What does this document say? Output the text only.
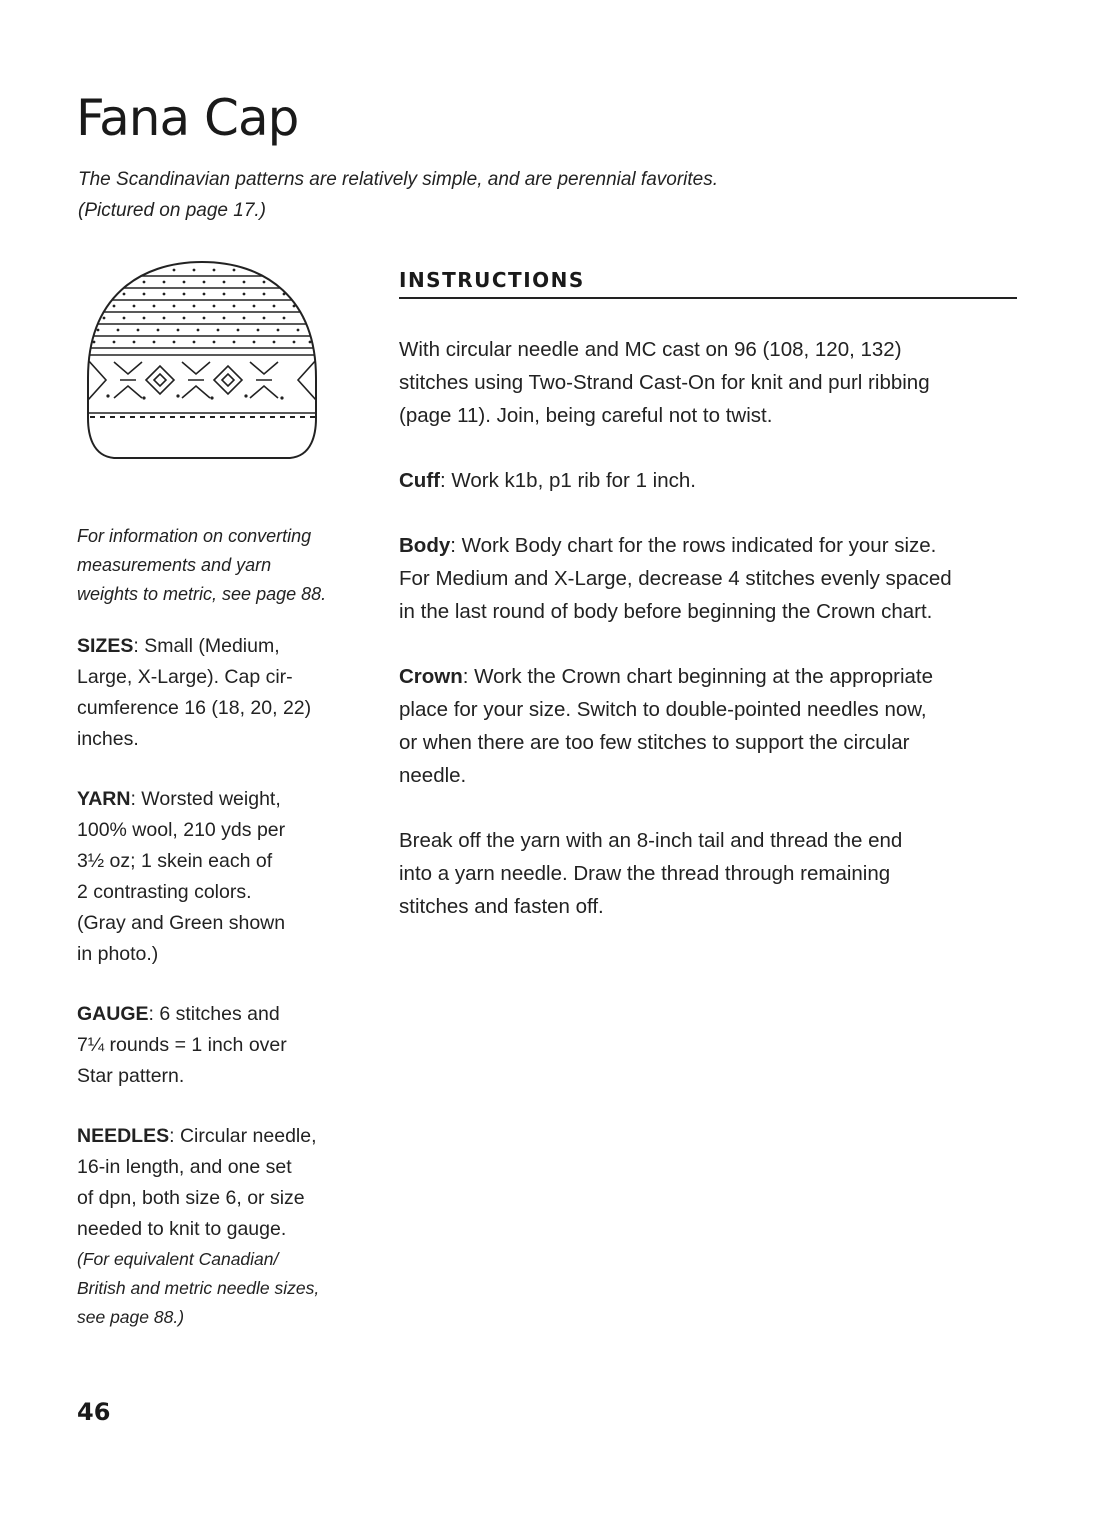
Fana Cap
The Scandinavian patterns are relatively simple, and are perennial favorites.
(Pictured on page 17.)
For information on converting
measurements and yarn
weights to metric, see page 88.
SIZES: Small (Medium,
Large, X-Large). Cap cir-
cumference 16 (18, 20, 22)
inches.
YARN: Worsted weight,
100% wool, 210 yds per
3½ oz; 1 skein each of
2 contrasting colors.
(Gray and Green shown
in photo.)
GAUGE: 6 stitches and
7¼ rounds = 1 inch over
Star pattern.
NEEDLES: Circular needle,
16-in length, and one set
of dpn, both size 6, or size
needed to knit to gauge.
(For equivalent Canadian/
British and metric needle sizes,
see page 88.)
INSTRUCTIONS
With circular needle and MC cast on 96 (108, 120, 132)
stitches using Two-Strand Cast-On for knit and purl ribbing
(page 11). Join, being careful not to twist.
Cuff: Work k1b, p1 rib for 1 inch.
Body: Work Body chart for the rows indicated for your size.
For Medium and X-Large, decrease 4 stitches evenly spaced
in the last round of body before beginning the Crown chart.
Crown: Work the Crown chart beginning at the appropriate
place for your size. Switch to double-pointed needles now,
or when there are too few stitches to support the circular
needle.
Break off the yarn with an 8-inch tail and thread the end
into a yarn needle. Draw the thread through remaining
stitches and fasten off.
46
